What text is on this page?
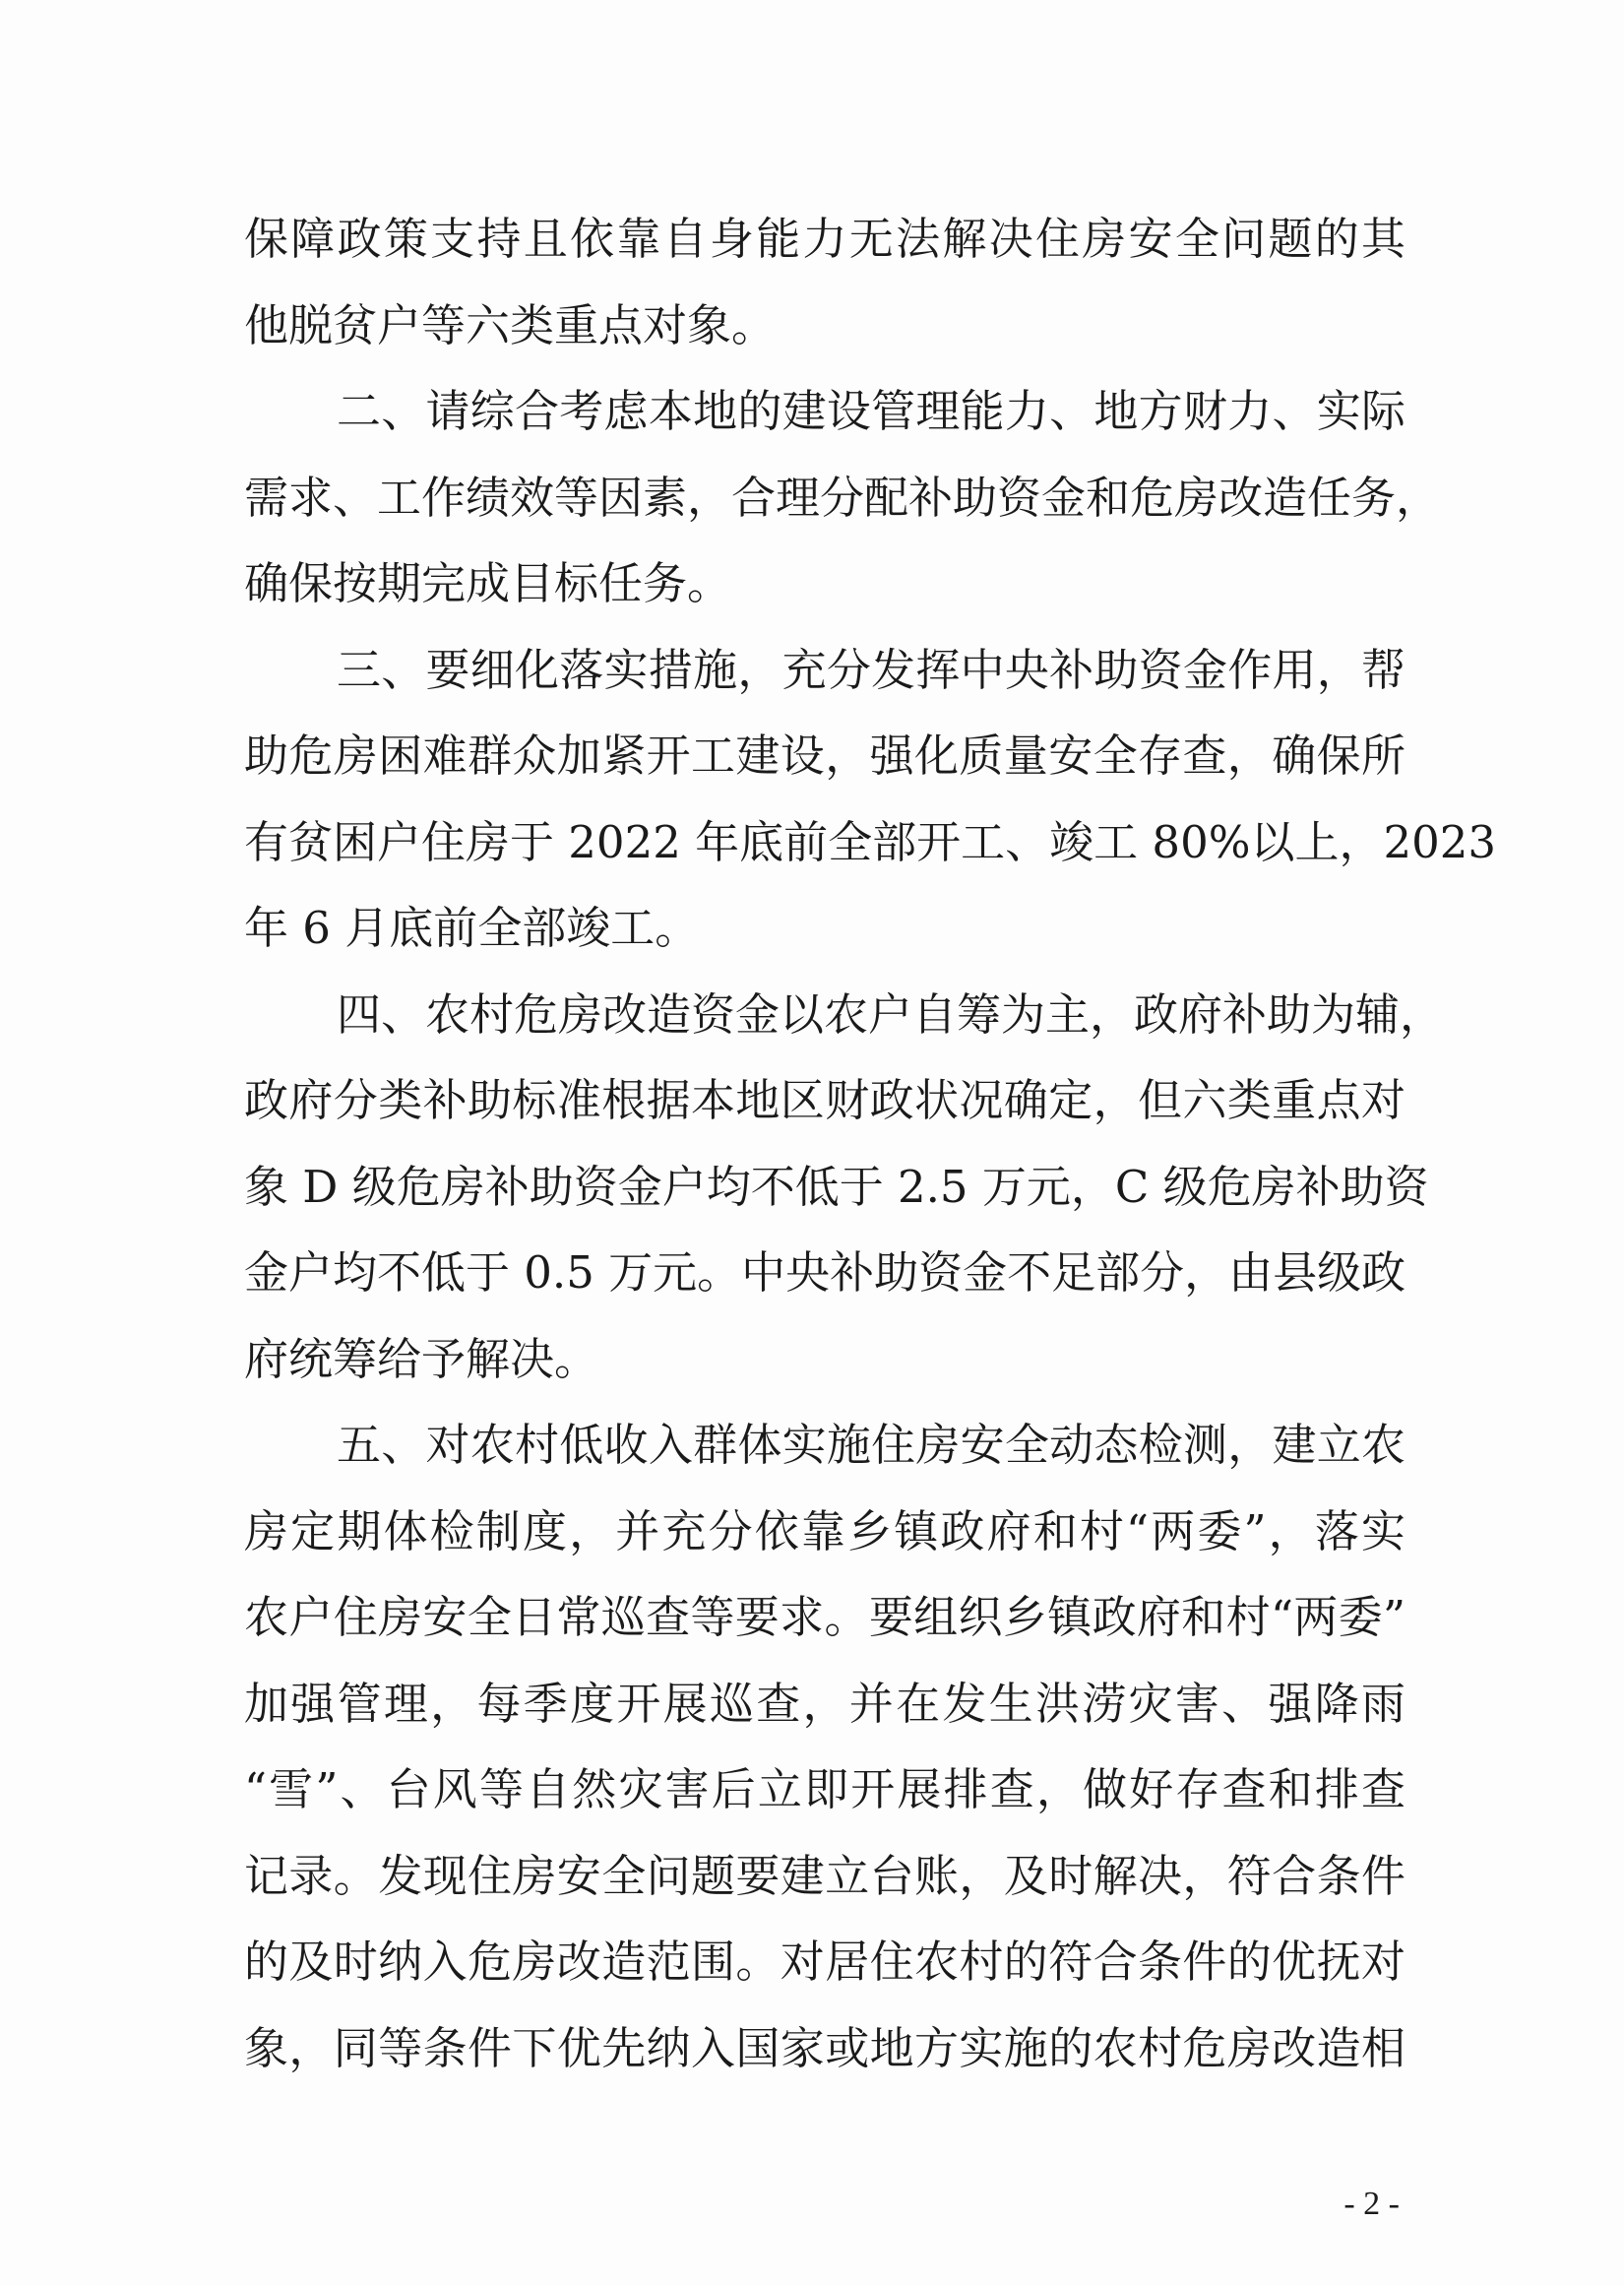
保障政策支持且依靠自身能力无法解决住房安全问题的其
他脱贫户等六类重点对象。
二、请综合考虑本地的建设管理能力、地方财力、实际
需求、工作绩效等因素，合理分配补助资金和危房改造任务，
确保按期完成目标任务。
三、要细化落实措施，充分发挥中央补助资金作用，帮
助危房困难群众加紧开工建设，强化质量安全存查，确保所
有贫困户住房于 2022 年底前全部开工、竣工 80%以上，2023
年 6 月底前全部竣工。
四、农村危房改造资金以农户自筹为主，政府补助为辅，
政府分类补助标准根据本地区财政状况确定，但六类重点对
象 D 级危房补助资金户均不低于 2.5 万元，C 级危房补助资
金户均不低于 0.5 万元。中央补助资金不足部分，由县级政
府统筹给予解决。
五、对农村低收入群体实施住房安全动态检测，建立农
房定期体检制度，并充分依靠乡镇政府和村“两委”，落实
农户住房安全日常巡查等要求。要组织乡镇政府和村“两委”
加强管理，每季度开展巡查，并在发生洪涝灾害、强降雨
“雪”、台风等自然灾害后立即开展排查，做好存查和排查
记录。发现住房安全问题要建立台账，及时解决，符合条件
的及时纳入危房改造范围。对居住农村的符合条件的优抚对
象，同等条件下优先纳入国家或地方实施的农村危房改造相
- 2 -
